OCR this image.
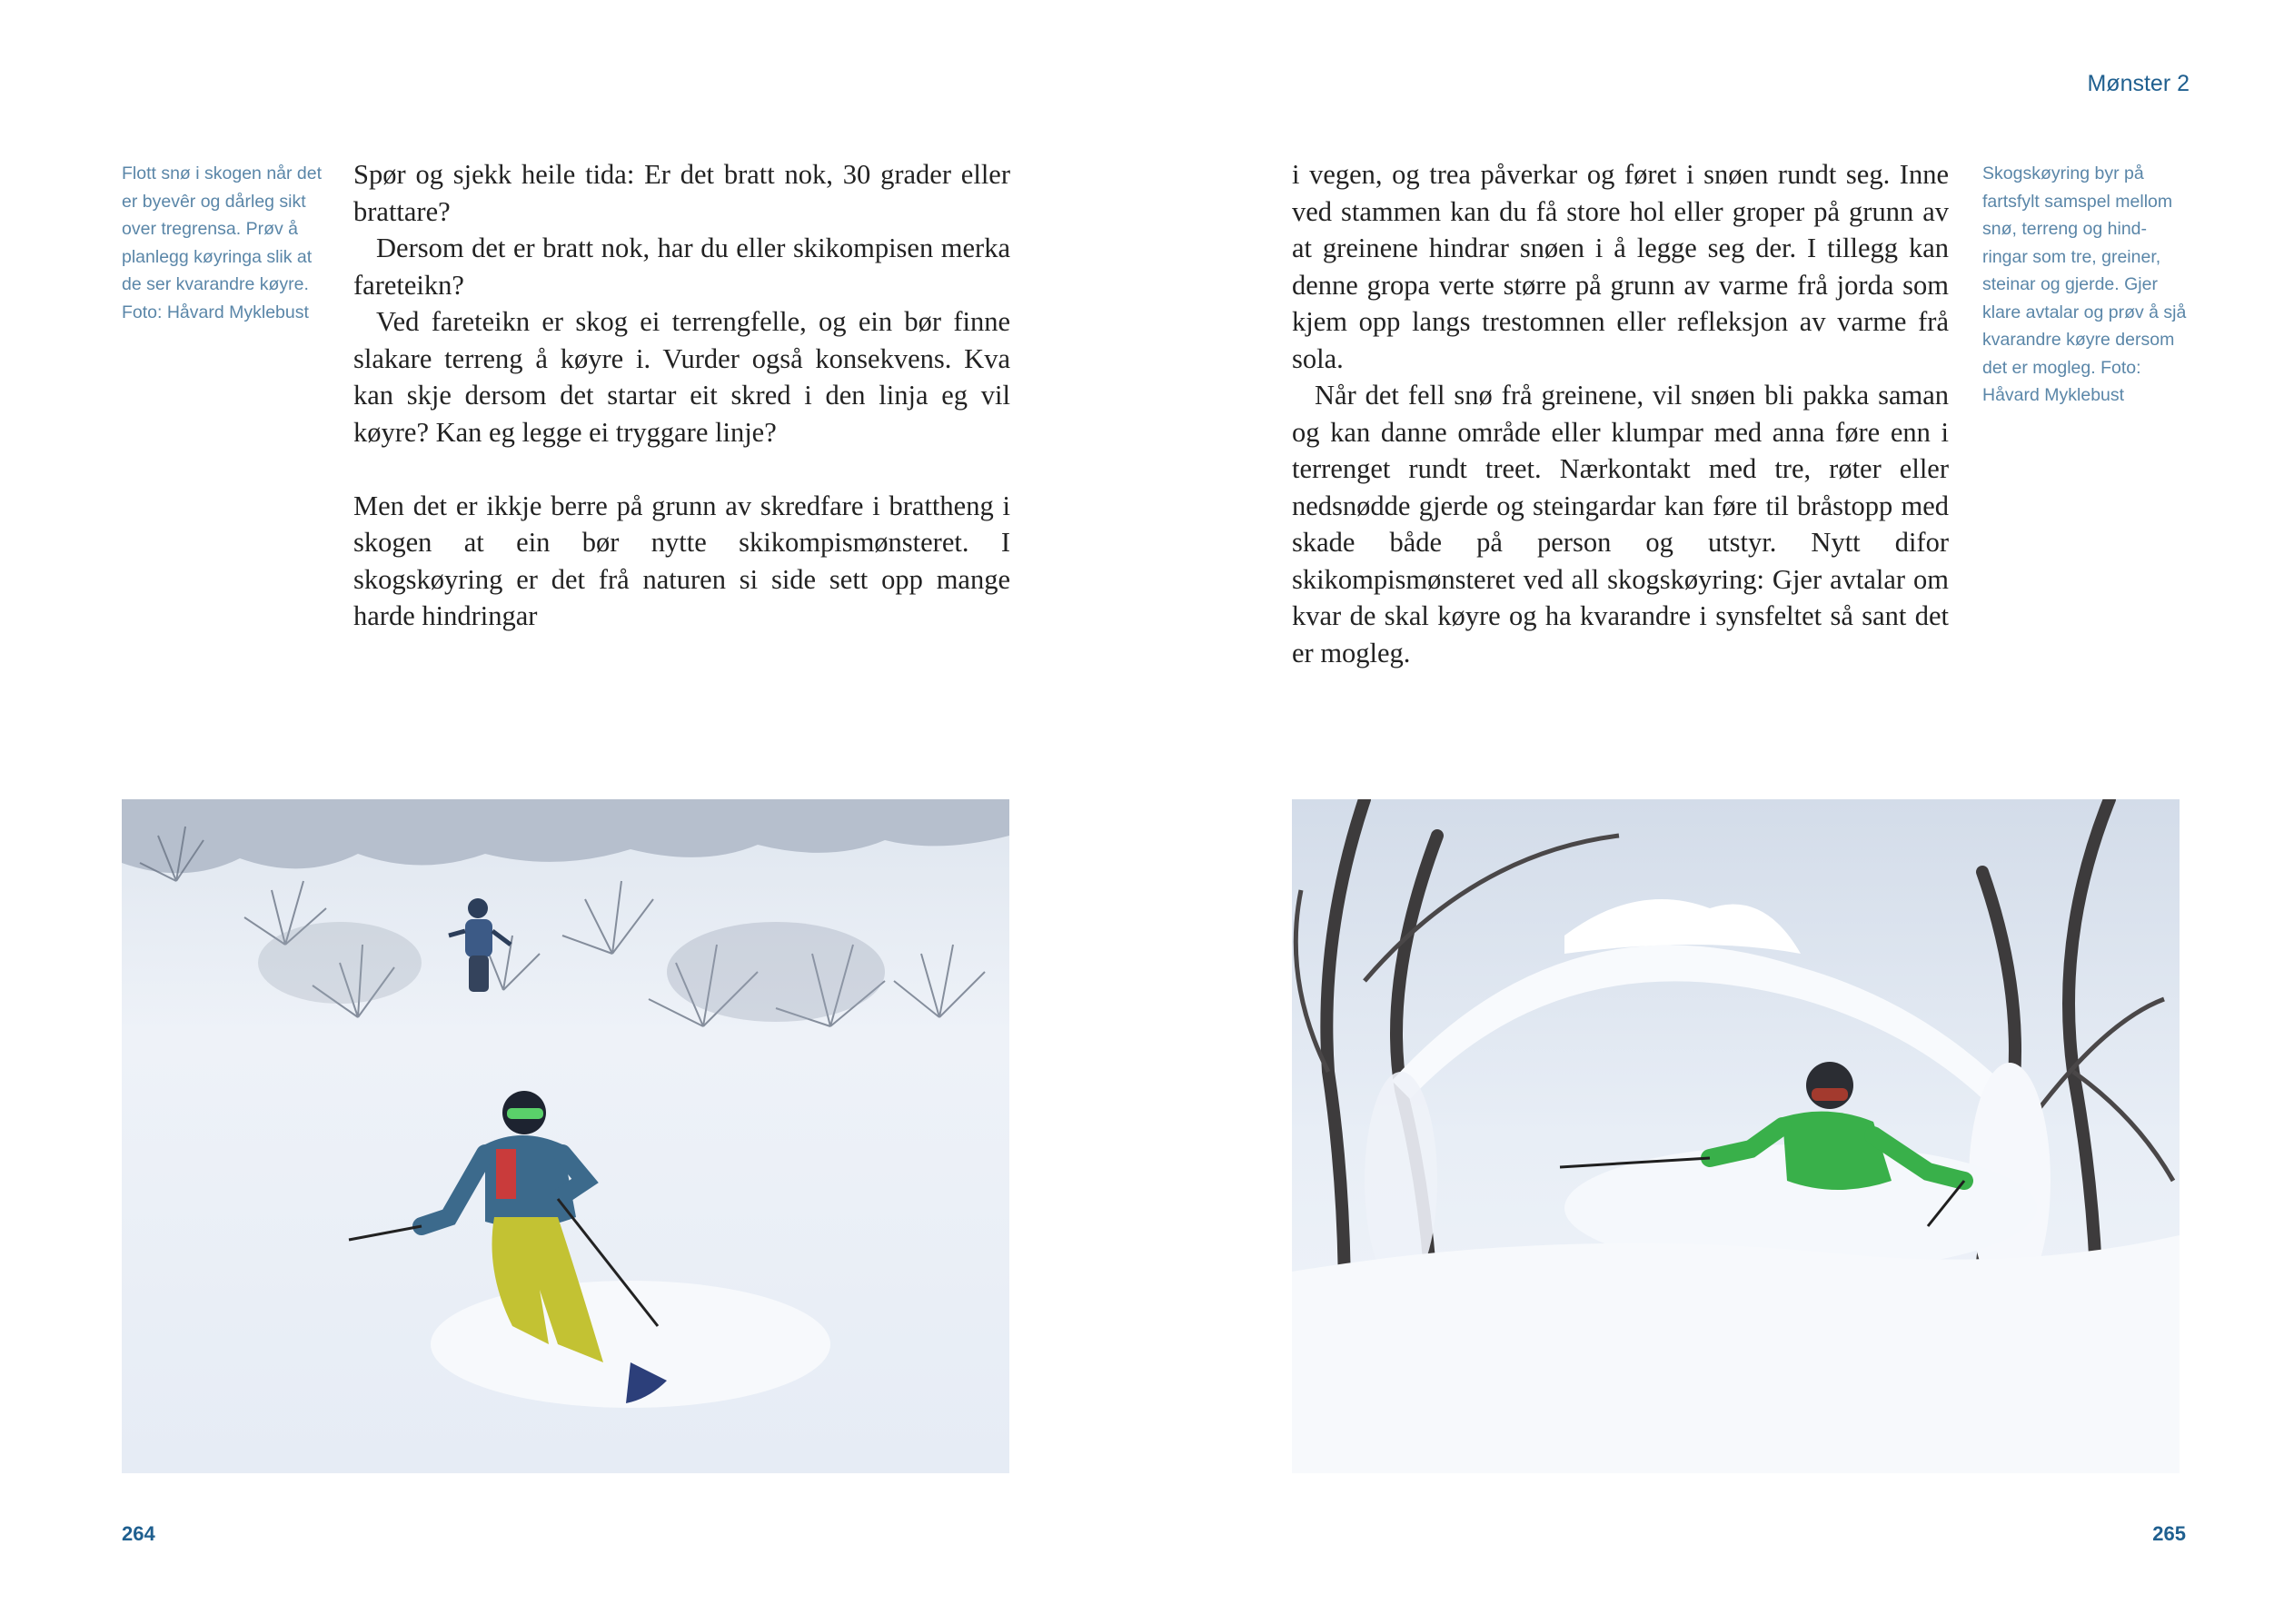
Mønster 2

Flott snø i skogen når det

er byevêr og dårleg sikt

over tregrensa. Prøv å

planlegg køyringa slik at

de ser kvarandre køyre.

Foto: Håvard Myklebust

Spør og sjekk heile tida: Er det bratt nok, 30 grader eller brattare?

Dersom det er bratt nok, har du eller skikompisen merka fareteikn?

Ved fareteikn er skog ei terrengfelle, og ein bør finne slakare terreng å køyre i. Vurder også konsekvens. Kva kan skje dersom det startar eit skred i den linja eg vil køyre? Kan eg legge ei tryggare linje?

Men det er ikkje berre på grunn av skredfare i brattheng i skogen at ein bør nytte skikompismønsteret. I skogskøyring er det frå naturen si side sett opp mange harde hindringar

i vegen, og trea påverkar og føret i snøen rundt seg. Inne ved stammen kan du få store hol eller groper på grunn av at greinene hindrar snøen i å legge seg der. I tillegg kan denne gropa verte større på grunn av varme frå jorda som kjem opp langs trestomnen eller refleksjon av varme frå sola.

Når det fell snø frå greinene, vil snøen bli pakka saman og kan danne område eller klumpar med anna føre enn i terrenget rundt treet. Nærkontakt med tre, røter eller nedsnødde gjerde og steingardar kan føre til bråstopp med skade både på person og utstyr. Nytt difor skikompismønsteret ved all skogskøyring: Gjer avtalar om kvar de skal køyre og ha kvarandre i synsfeltet så sant det er mogleg.

Skogskøyring byr på

fartsfylt samspel mellom

snø, terreng og hind-

ringar som tre, greiner,

steinar og gjerde. Gjer

klare avtalar og prøv å sjå

kvarandre køyre dersom

det er mogleg. Foto:

Håvard Myklebust

264	265
